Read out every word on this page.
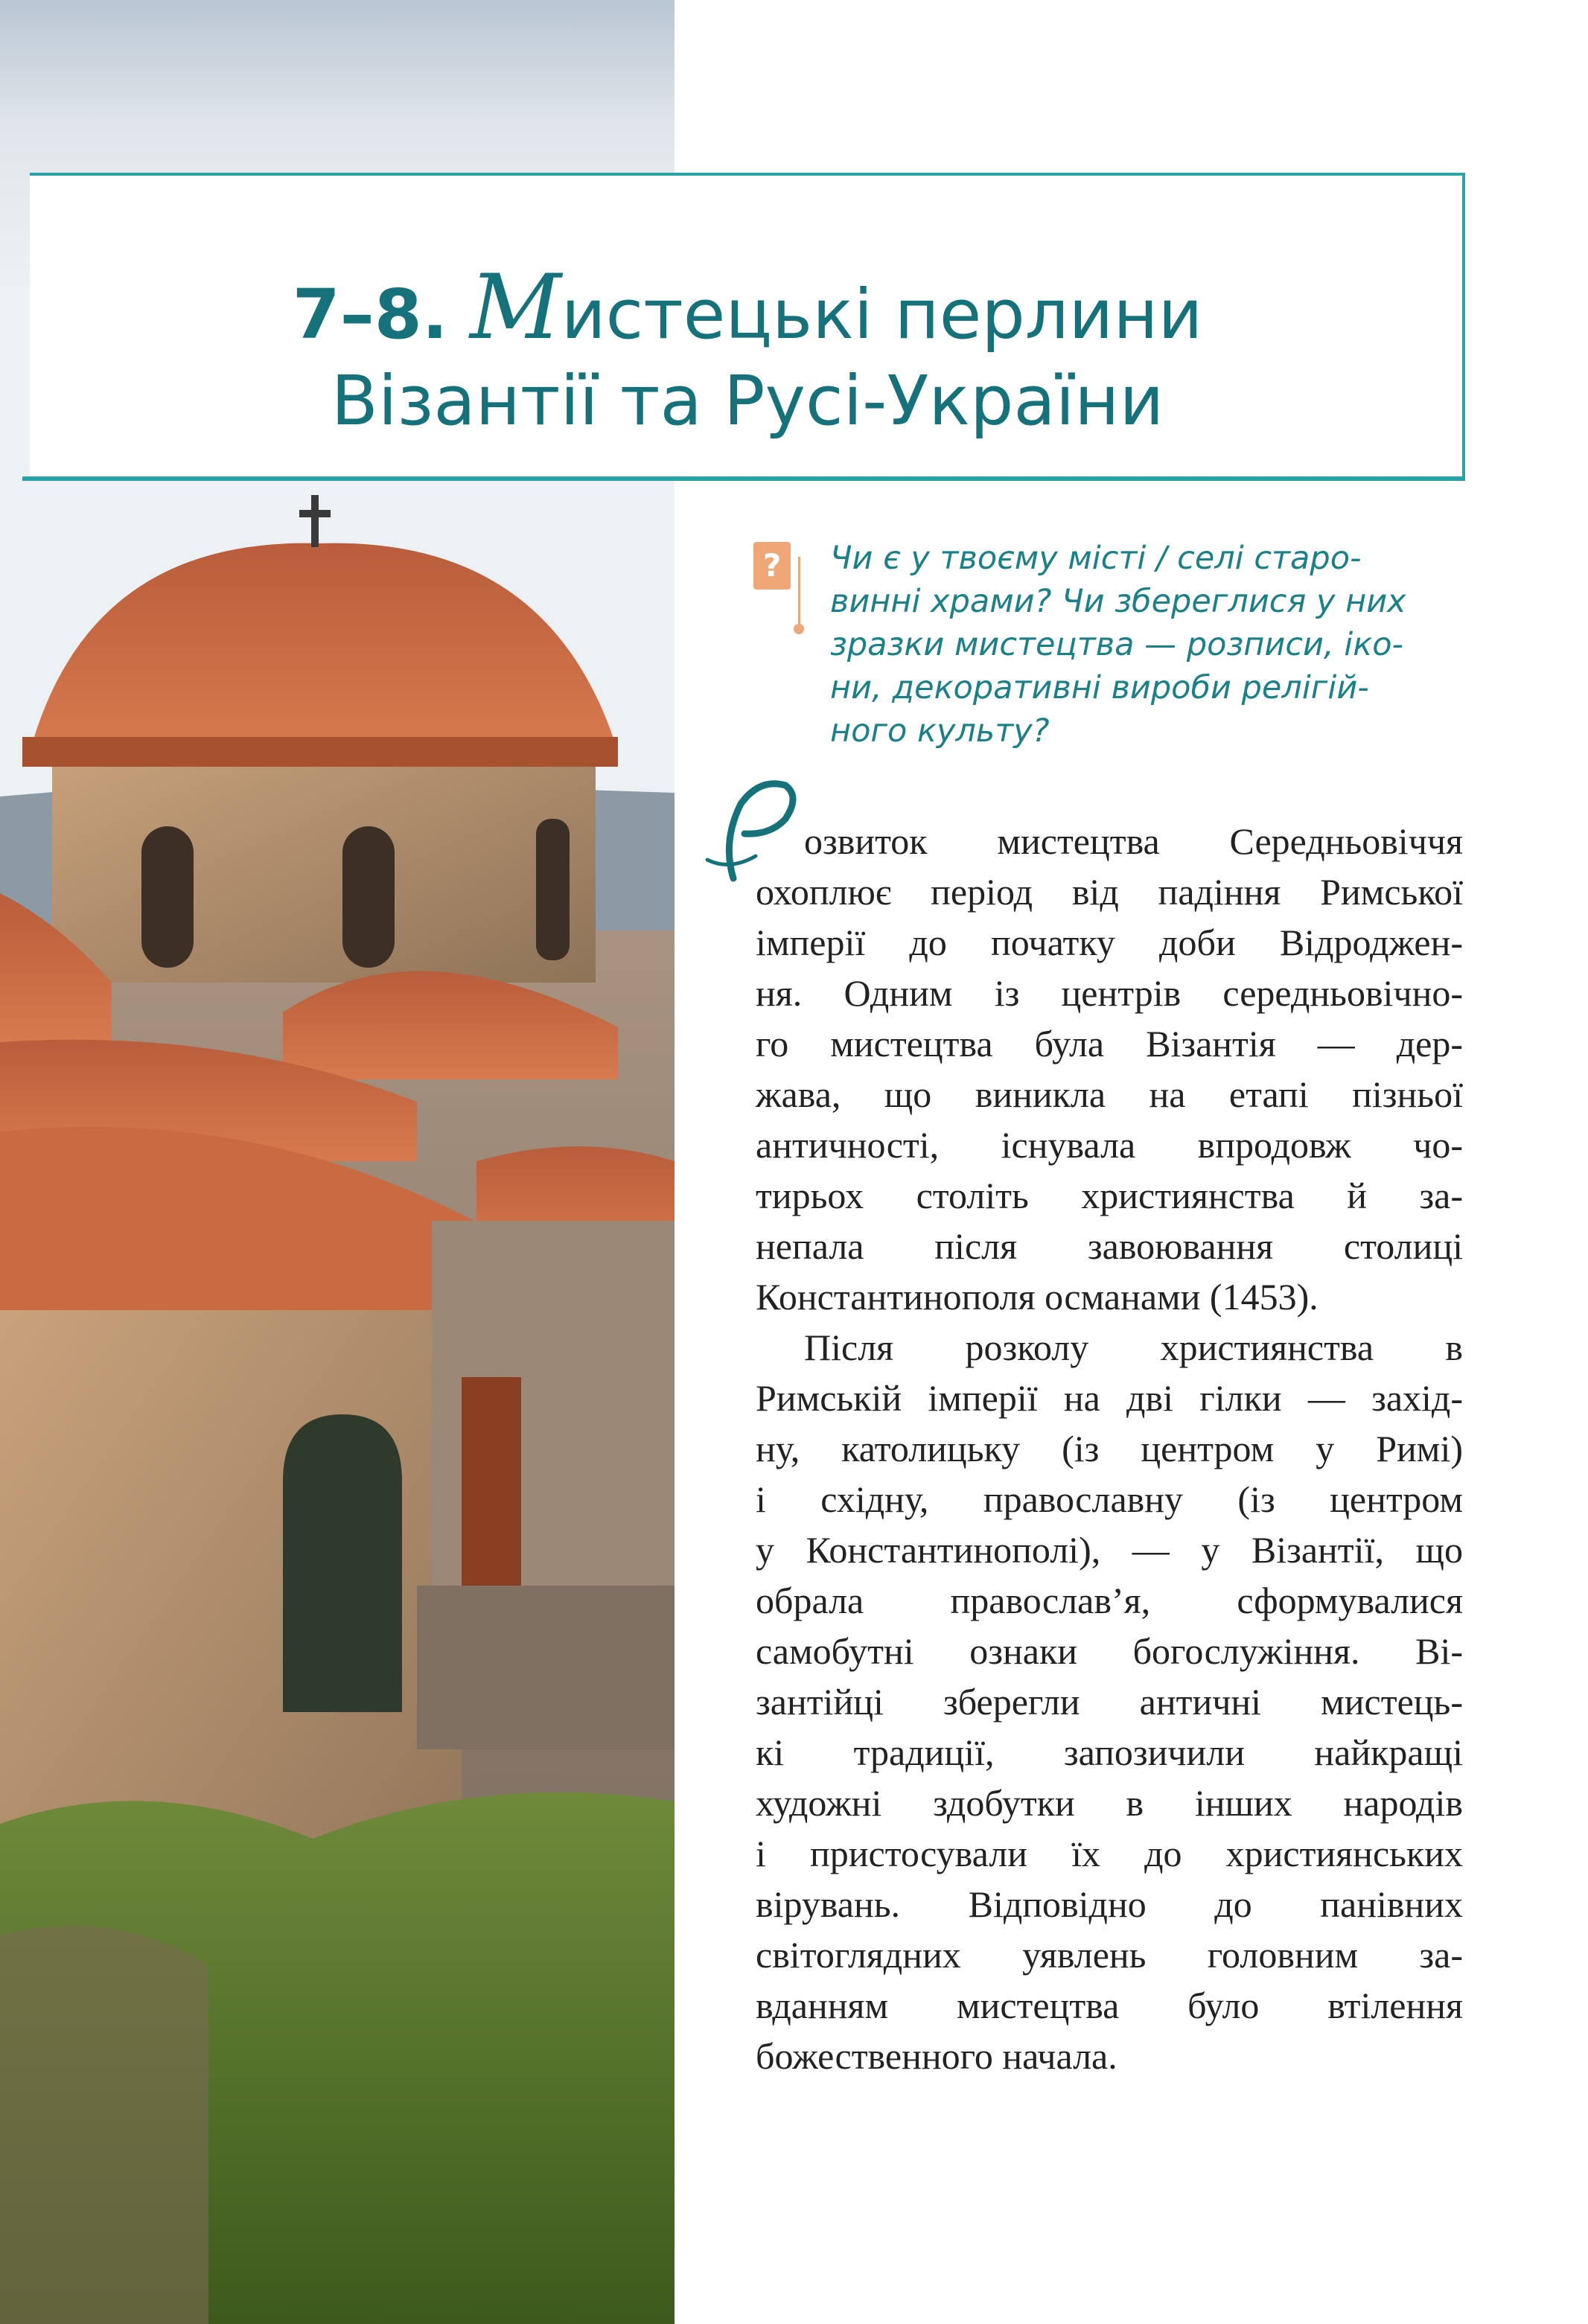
7–8. Мистецькі перлини
Візантії та Русі-України
? Чи є у твоєму місті / селі старо-
винні храми? Чи збереглися у них
зразки мистецтва — розписи, іко-
ни, декоративні вироби релігій-
ного культу?
озвиток мистецтва Середньовіччя
охоплює період від падіння Римської
імперії до початку доби Відроджен-
ня. Одним із центрів середньовічно-
го мистецтва була Візантія — дер-
жава, що виникла на етапі пізньої
античності, існувала впродовж чо-
тирьох століть християнства й за-
непала після завоювання столиці
Константинополя османами (1453).
Після розколу християнства в
Римській імперії на дві гілки — захід-
ну, католицьку (із центром у Римі)
і східну, православну (із центром
у Константинополі), — у Візантії, що
обрала православ’я, сформувалися
самобутні ознаки богослужіння. Ві-
зантійці зберегли античні мистець-
кі традиції, запозичили найкращі
художні здобутки в інших народів
і пристосували їх до християнських
вірувань. Відповідно до панівних
світоглядних уявлень головним за-
вданням мистецтва було втілення
божественного начала.
